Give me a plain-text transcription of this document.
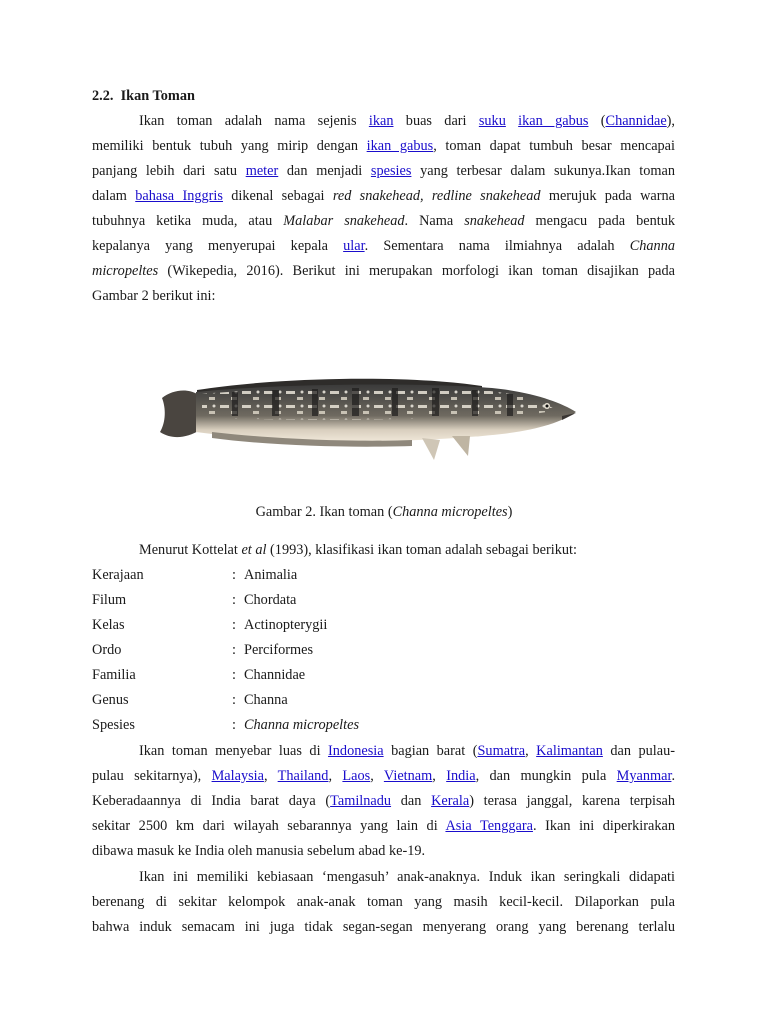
2.2. Ikan Toman
Ikan toman adalah nama sejenis ikan buas dari suku ikan gabus (Channidae),
memiliki bentuk tubuh yang mirip dengan ikan gabus, toman dapat tumbuh besar mencapai
panjang lebih dari satu meter dan menjadi spesies yang terbesar dalam sukunya.Ikan toman
dalam bahasa Inggris dikenal sebagai red snakehead, redline snakehead merujuk pada warna
tubuhnya ketika muda, atau Malabar snakehead. Nama snakehead mengacu pada bentuk
kepalanya yang menyerupai kepala ular. Sementara nama ilmiahnya adalah Channa
micropeltes (Wikepedia, 2016). Berikut ini merupakan morfologi ikan toman disajikan pada
Gambar 2 berikut ini:
Gambar 2. Ikan toman (Channa micropeltes)
Menurut Kottelat et al (1993), klasifikasi ikan toman adalah sebagai berikut:
Kerajaan	: Animalia
Filum	: Chordata
Kelas	: Actinopterygii
Ordo	: Perciformes
Familia	: Channidae
Genus	: Channa
Spesies	: Channa micropeltes
Ikan toman menyebar luas di Indonesia bagian barat (Sumatra, Kalimantan dan pulau-
pulau sekitarnya), Malaysia, Thailand, Laos, Vietnam, India, dan mungkin pula Myanmar.
Keberadaannya di India barat daya (Tamilnadu dan Kerala) terasa janggal, karena terpisah
sekitar 2500 km dari wilayah sebarannya yang lain di Asia Tenggara. Ikan ini diperkirakan
dibawa masuk ke India oleh manusia sebelum abad ke-19.
Ikan ini memiliki kebiasaan ‘mengasuh’ anak-anaknya. Induk ikan seringkali didapati
berenang di sekitar kelompok anak-anak toman yang masih kecil-kecil. Dilaporkan pula
bahwa induk semacam ini juga tidak segan-segan menyerang orang yang berenang terlalu
